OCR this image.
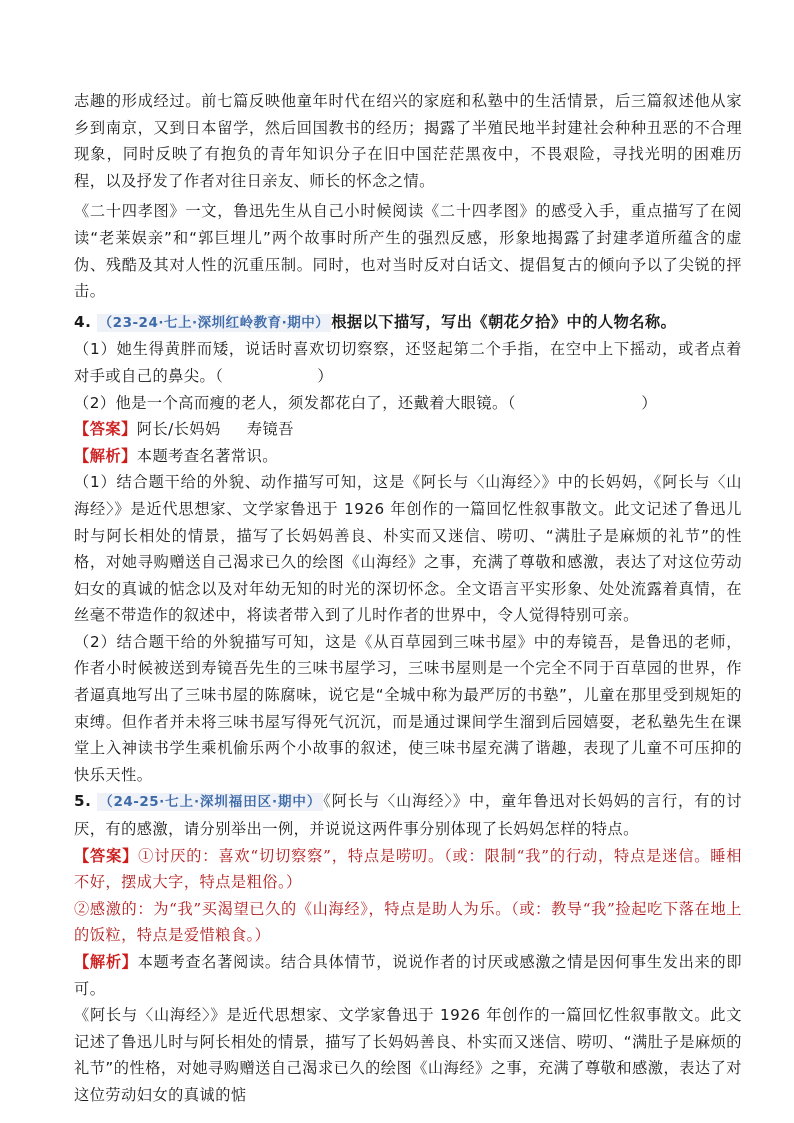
志趣的形成经过。前七篇反映他童年时代在绍兴的家庭和私塾中的生活情景，后三篇叙述他从家乡到南京，又到日本留学，然后回国教书的经历；揭露了半殖民地半封建社会种种丑恶的不合理现象，同时反映了有抱负的青年知识分子在旧中国茫茫黑夜中，不畏艰险，寻找光明的困难历程，以及抒发了作者对往日亲友、师长的怀念之情。

《二十四孝图》一文，鲁迅先生从自己小时候阅读《二十四孝图》的感受入手，重点描写了在阅读“老莱娱亲”和“郭巨埋儿”两个故事时所产生的强烈反感，形象地揭露了封建孝道所蕴含的虚伪、残酷及其对人性的沉重压制。同时，也对当时反对白话文、提倡复古的倾向予以了尖锐的抨击。

4. （23-24·七上·深圳红岭教育·期中） 根据以下描写，写出《朝花夕拾》中的人物名称。

（1）她生得黄胖而矮，说话时喜欢切切察察，还竖起第二个手指，在空中上下摇动，或者点着对手或自己的鼻尖。（　　　　　　）

（2）他是一个高而瘦的老人，须发都花白了，还戴着大眼镜。（　　　　　　　　）

【答案】阿长/长妈妈 寿镜吾

【解析】本题考查名著常识。

（1）结合题干给的外貌、动作描写可知，这是《阿长与〈山海经〉》中的长妈妈，《阿长与〈山海经〉》是近代思想家、文学家鲁迅于 1926 年创作的一篇回忆性叙事散文。此文记述了鲁迅儿时与阿长相处的情景，描写了长妈妈善良、朴实而又迷信、唠叨、“满肚子是麻烦的礼节”的性格，对她寻购赠送自己渴求已久的绘图《山海经》之事，充满了尊敬和感激，表达了对这位劳动妇女的真诚的惦念以及对年幼无知的时光的深切怀念。全文语言平实形象、处处流露着真情，在丝毫不带造作的叙述中，将读者带入到了儿时作者的世界中，令人觉得特别可亲。

（2）结合题干给的外貌描写可知，这是《从百草园到三味书屋》中的寿镜吾，是鲁迅的老师，作者小时候被送到寿镜吾先生的三味书屋学习，三味书屋则是一个完全不同于百草园的世界，作者逼真地写出了三味书屋的陈腐味，说它是“全城中称为最严厉的书塾”，儿童在那里受到规矩的束缚。但作者并未将三味书屋写得死气沉沉，而是通过课间学生溜到后园嬉耍，老私塾先生在课堂上入神读书学生乘机偷乐两个小故事的叙述，使三味书屋充满了谐趣，表现了儿童不可压抑的快乐天性。

5. （24-25·七上·深圳福田区·期中） 《阿长与〈山海经〉》中，童年鲁迅对长妈妈的言行，有的讨厌，有的感激，请分别举出一例，并说说这两件事分别体现了长妈妈怎样的特点。

【答案】①讨厌的：喜欢“切切察察”，特点是唠叨。（或：限制“我”的行动，特点是迷信。睡相不好，摆成大字，特点是粗俗。）

②感激的：为“我”买渴望已久的《山海经》，特点是助人为乐。（或：教导“我”捡起吃下落在地上的饭粒，特点是爱惜粮食。）

【解析】本题考查名著阅读。结合具体情节，说说作者的讨厌或感激之情是因何事生发出来的即可。

《阿长与〈山海经〉》是近代思想家、文学家鲁迅于 1926 年创作的一篇回忆性叙事散文。此文记述了鲁迅儿时与阿长相处的情景，描写了长妈妈善良、朴实而又迷信、唠叨、“满肚子是麻烦的礼节”的性格，对她寻购赠送自己渴求已久的绘图《山海经》之事，充满了尊敬和感激，表达了对这位劳动妇女的真诚的惦
